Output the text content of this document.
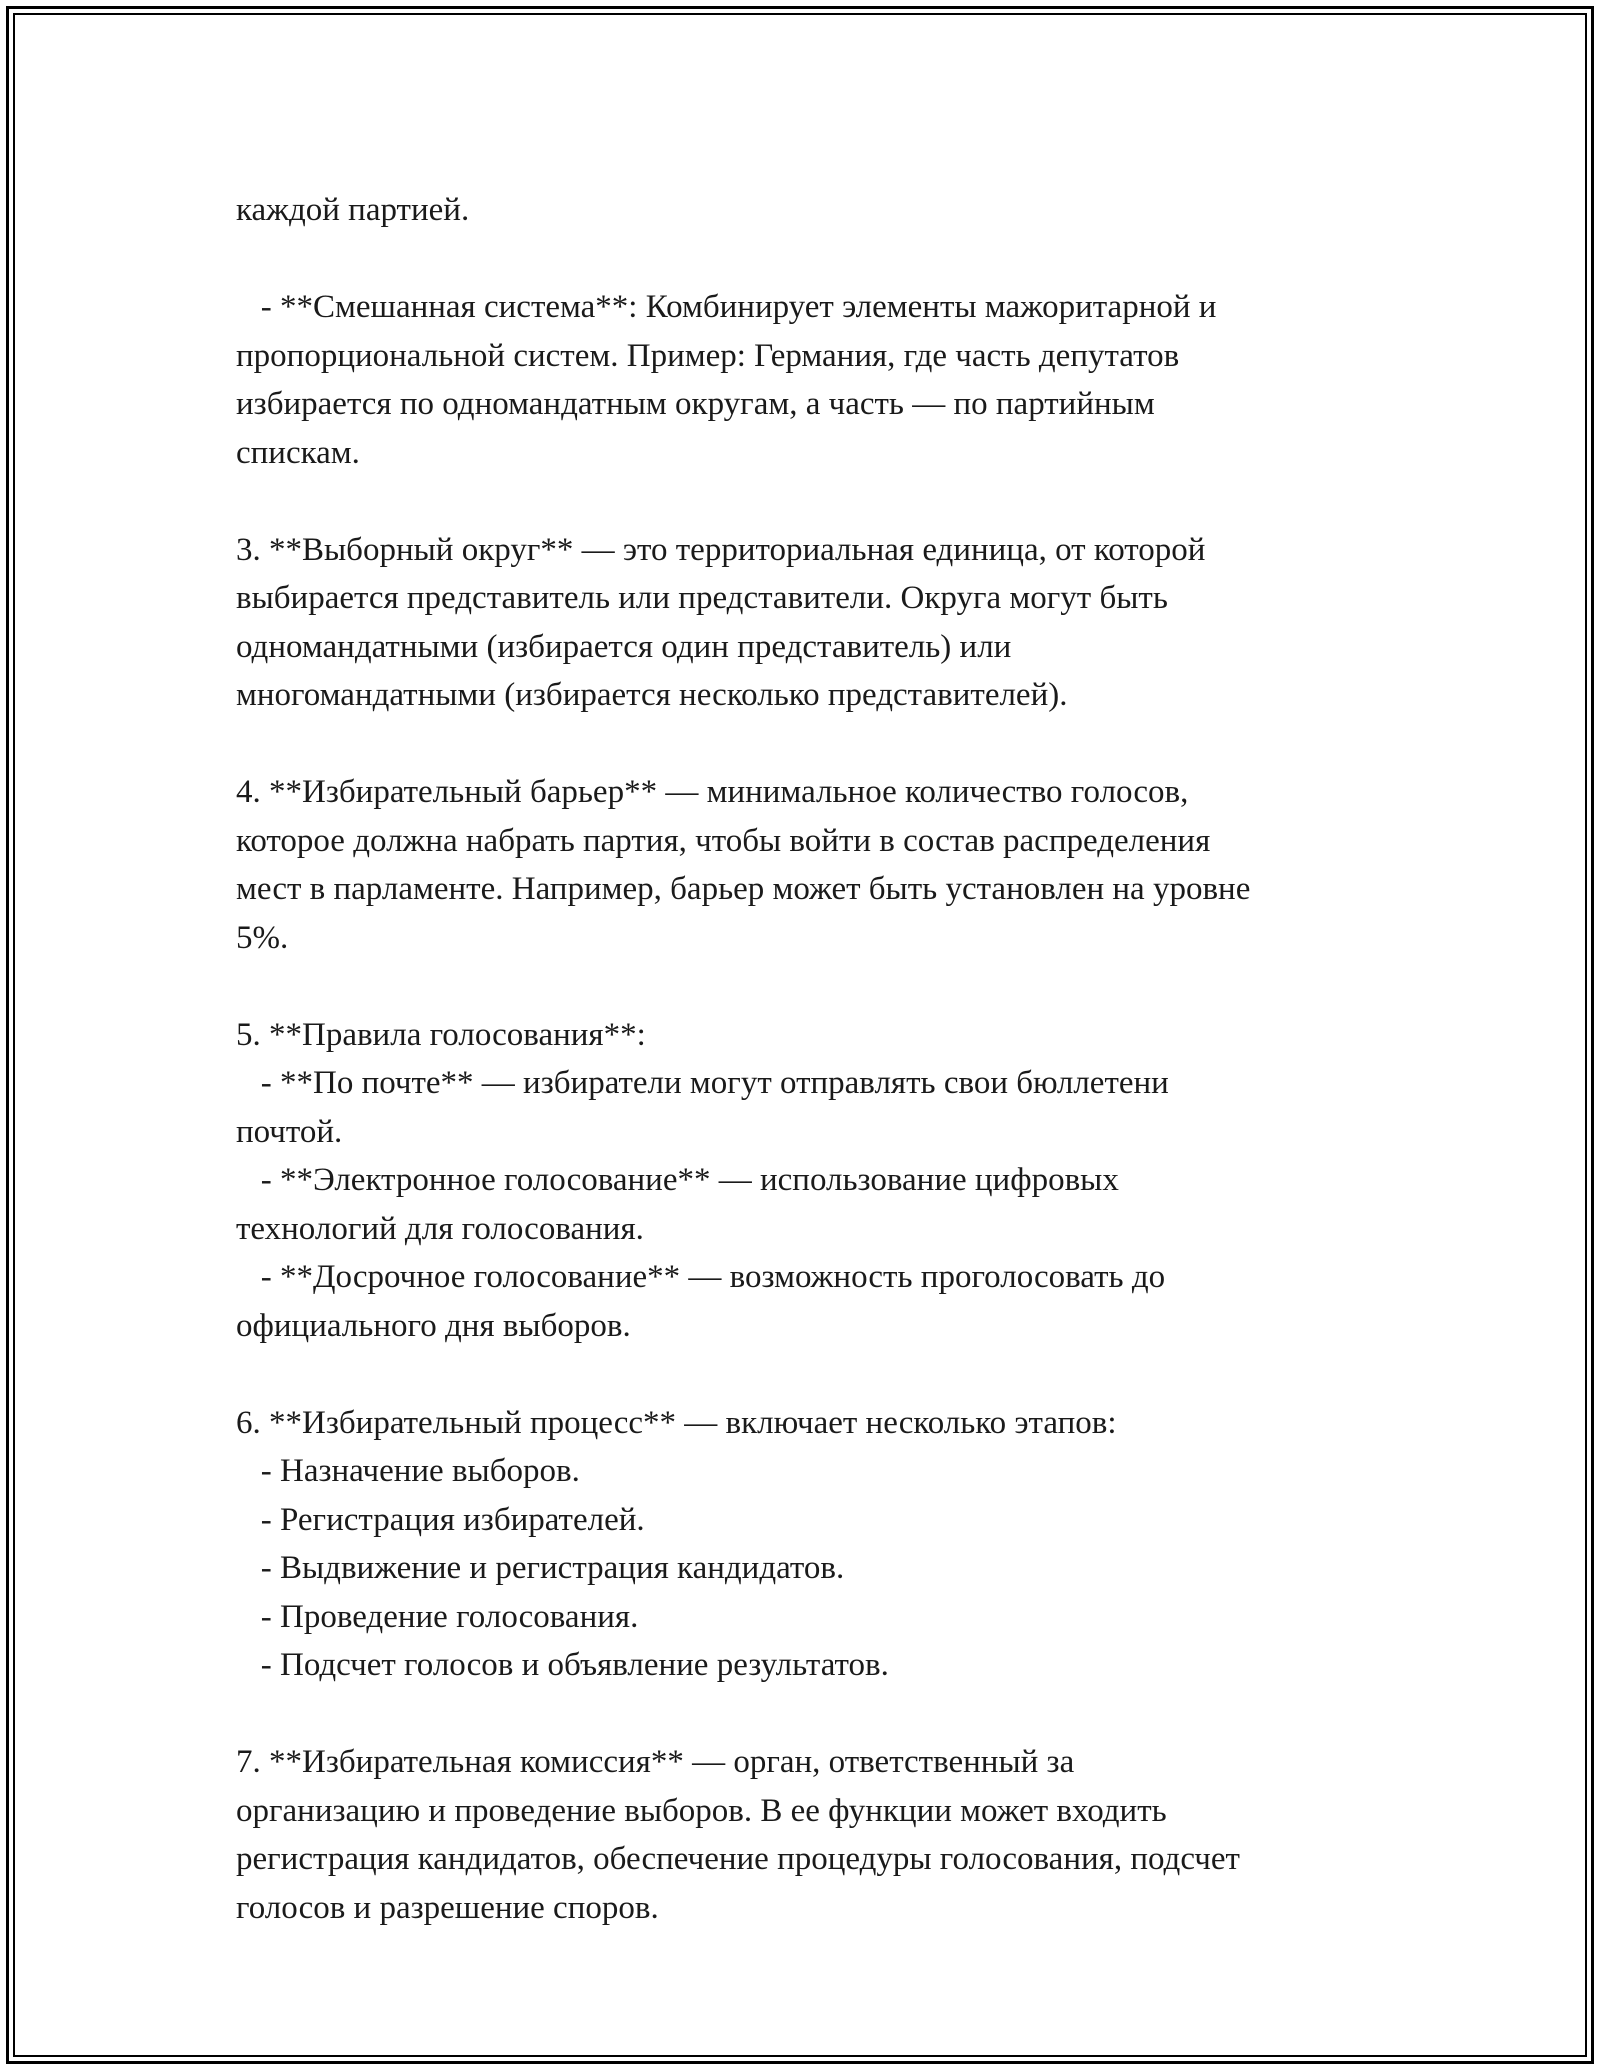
каждой партией.

- **Смешанная система**: Комбинирует элементы мажоритарной и

пропорциональной систем. Пример: Германия, где часть депутатов

избирается по одномандатным округам, а часть — по партийным

спискам.

3. **Выборный округ** — это территориальная единица, от которой

выбирается представитель или представители. Округа могут быть

одномандатными (избирается один представитель) или

многомандатными (избирается несколько представителей).

4. **Избирательный барьер** — минимальное количество голосов,

которое должна набрать партия, чтобы войти в состав распределения

мест в парламенте. Например, барьер может быть установлен на уровне

5%.

5. **Правила голосования**:

- **По почте** — избиратели могут отправлять свои бюллетени

почтой.

- **Электронное голосование** — использование цифровых

технологий для голосования.

- **Досрочное голосование** — возможность проголосовать до

официального дня выборов.

6. **Избирательный процесс** — включает несколько этапов:

- Назначение выборов.

- Регистрация избирателей.

- Выдвижение и регистрация кандидатов.

- Проведение голосования.

- Подсчет голосов и объявление результатов.

7. **Избирательная комиссия** — орган, ответственный за

организацию и проведение выборов. В ее функции может входить

регистрация кандидатов, обеспечение процедуры голосования, подсчет

голосов и разрешение споров.
